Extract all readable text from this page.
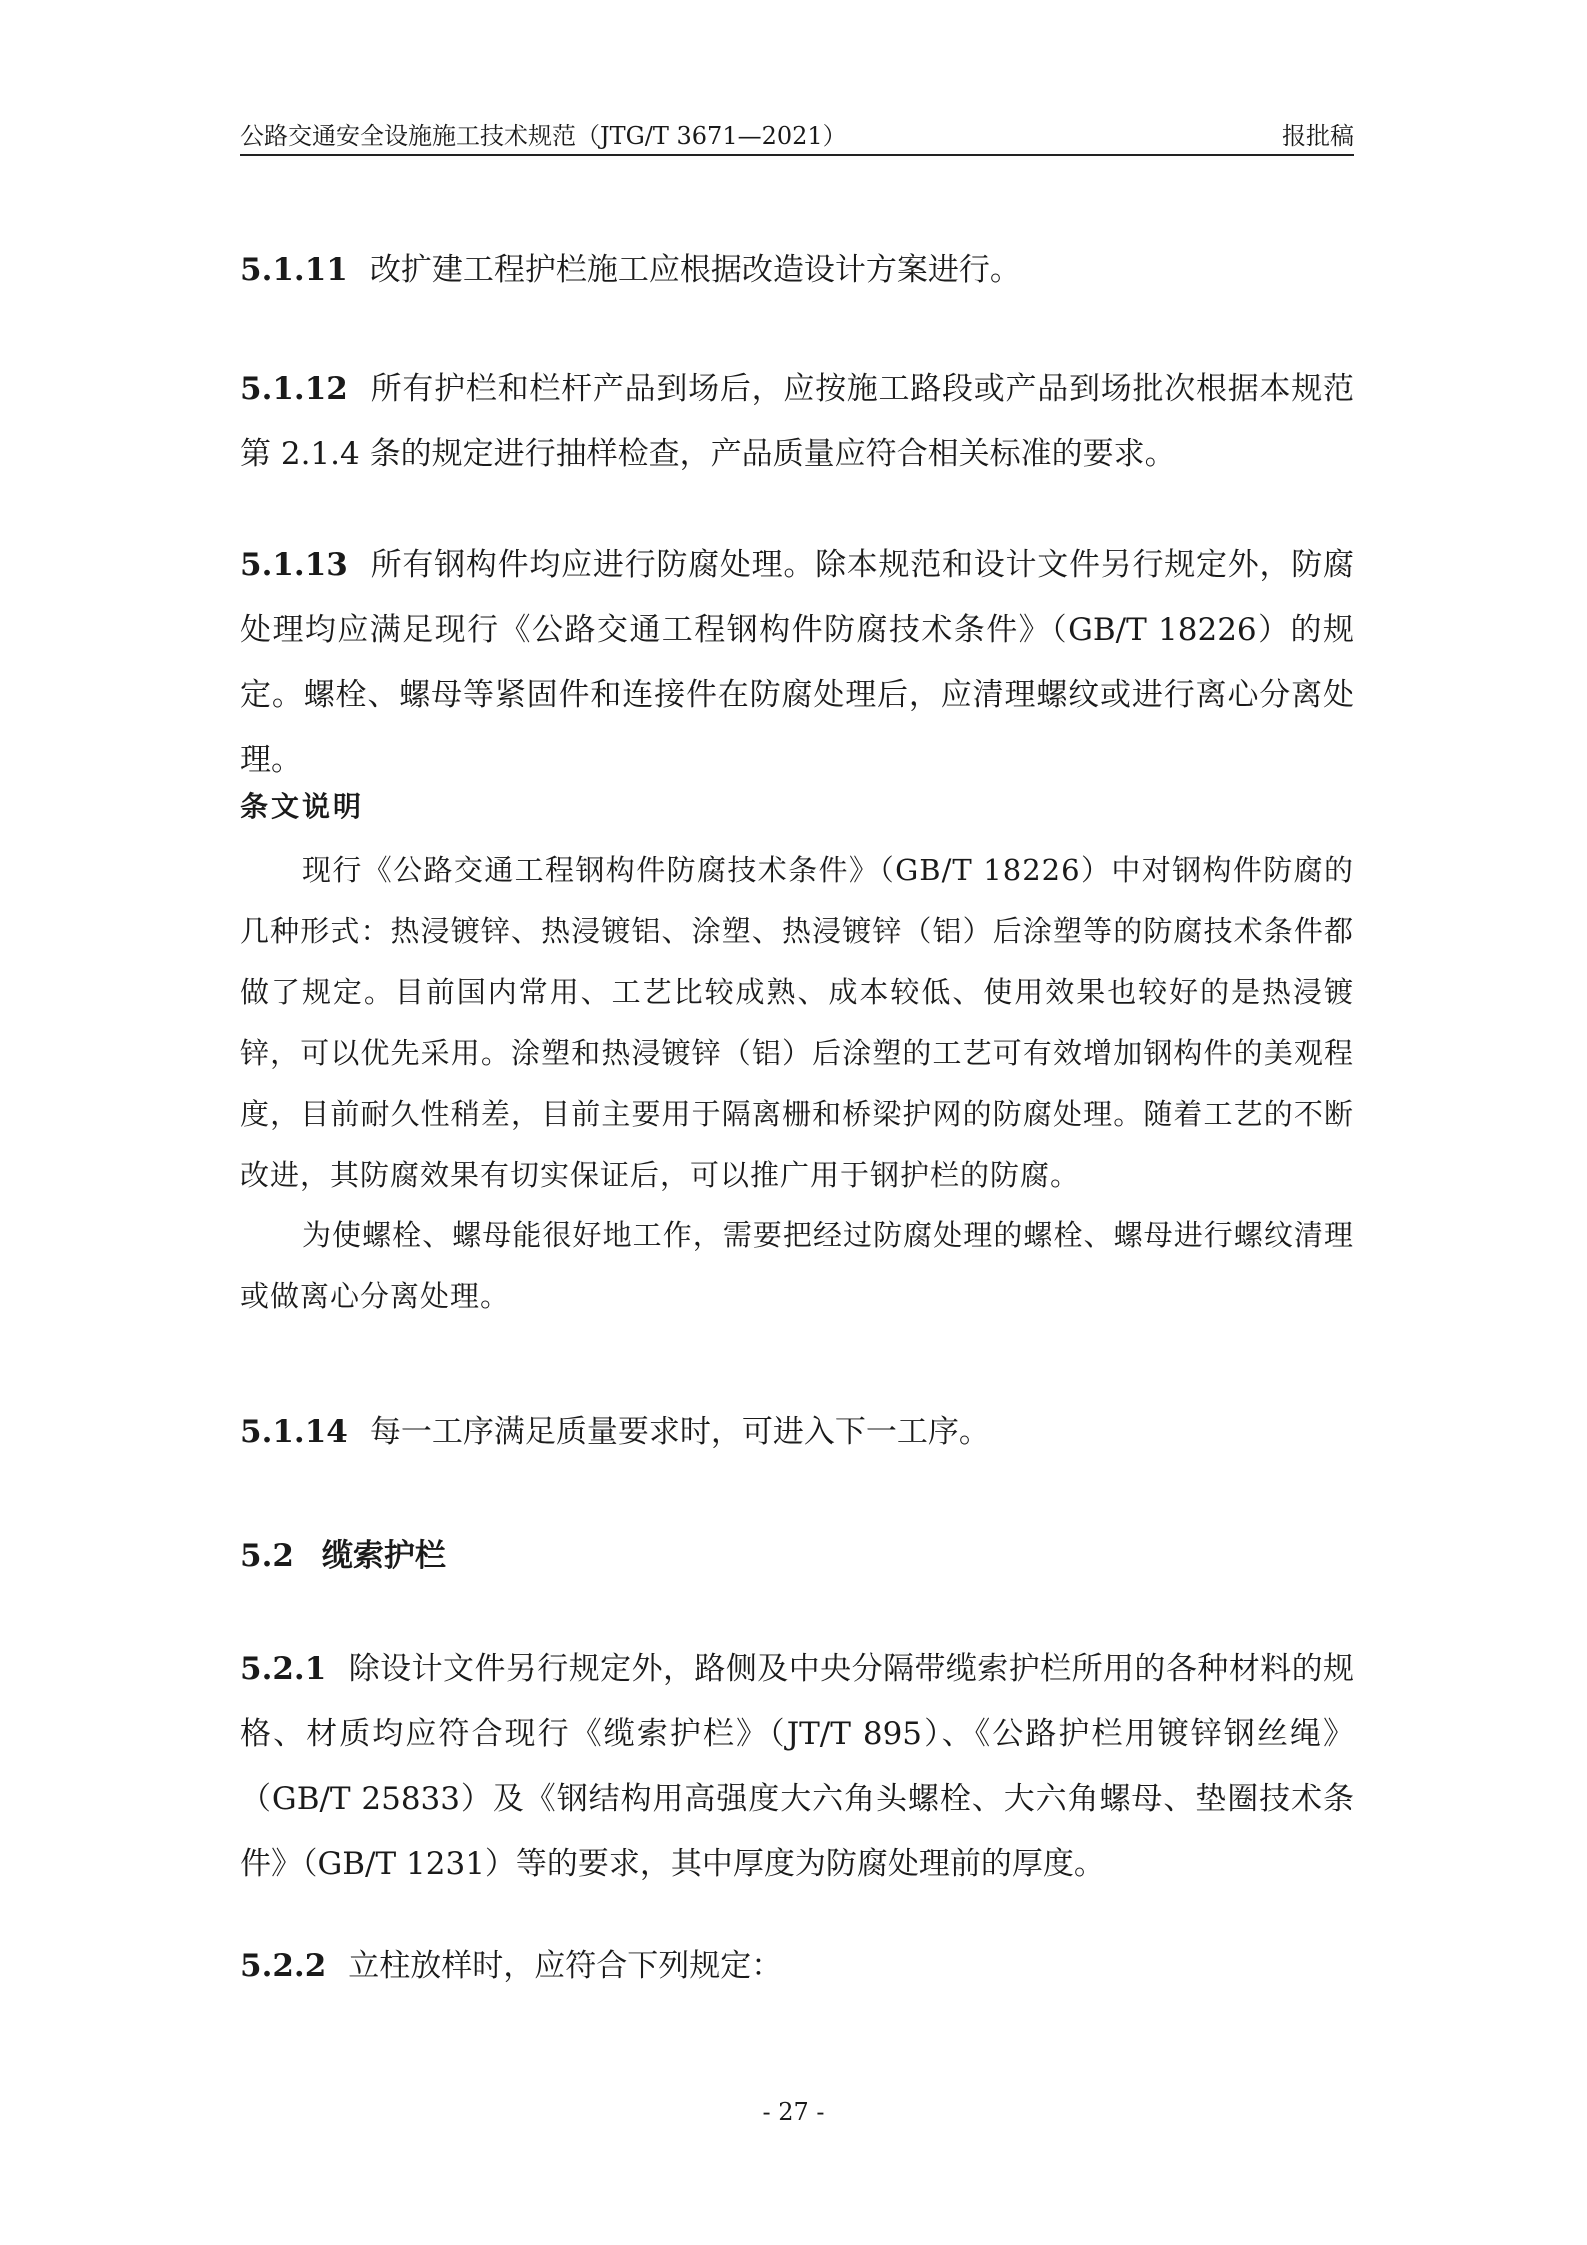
公路交通安全设施施工技术规范（JTG/T 3671—2021）	报批稿
5.1.11 改扩建工程护栏施工应根据改造设计方案进行。
5.1.12 所有护栏和栏杆产品到场后，应按施工路段或产品到场批次根据本规范第 2.1.4 条的规定进行抽样检查，产品质量应符合相关标准的要求。
5.1.13 所有钢构件均应进行防腐处理。除本规范和设计文件另行规定外，防腐处理均应满足现行《公路交通工程钢构件防腐技术条件》（GB/T 18226）的规定。螺栓、螺母等紧固件和连接件在防腐处理后，应清理螺纹或进行离心分离处理。
条文说明
现行《公路交通工程钢构件防腐技术条件》（GB/T 18226）中对钢构件防腐的几种形式：热浸镀锌、热浸镀铝、涂塑、热浸镀锌（铝）后涂塑等的防腐技术条件都做了规定。目前国内常用、工艺比较成熟、成本较低、使用效果也较好的是热浸镀锌，可以优先采用。涂塑和热浸镀锌（铝）后涂塑的工艺可有效增加钢构件的美观程度，目前耐久性稍差，目前主要用于隔离栅和桥梁护网的防腐处理。随着工艺的不断改进，其防腐效果有切实保证后，可以推广用于钢护栏的防腐。
为使螺栓、螺母能很好地工作，需要把经过防腐处理的螺栓、螺母进行螺纹清理或做离心分离处理。
5.1.14 每一工序满足质量要求时，可进入下一工序。
5.2 缆索护栏
5.2.1 除设计文件另行规定外，路侧及中央分隔带缆索护栏所用的各种材料的规格、材质均应符合现行《缆索护栏》（JT/T 895）、《公路护栏用镀锌钢丝绳》（GB/T 25833）及《钢结构用高强度大六角头螺栓、大六角螺母、垫圈技术条件》（GB/T 1231）等的要求，其中厚度为防腐处理前的厚度。
5.2.2 立柱放样时，应符合下列规定：
- 27 -
